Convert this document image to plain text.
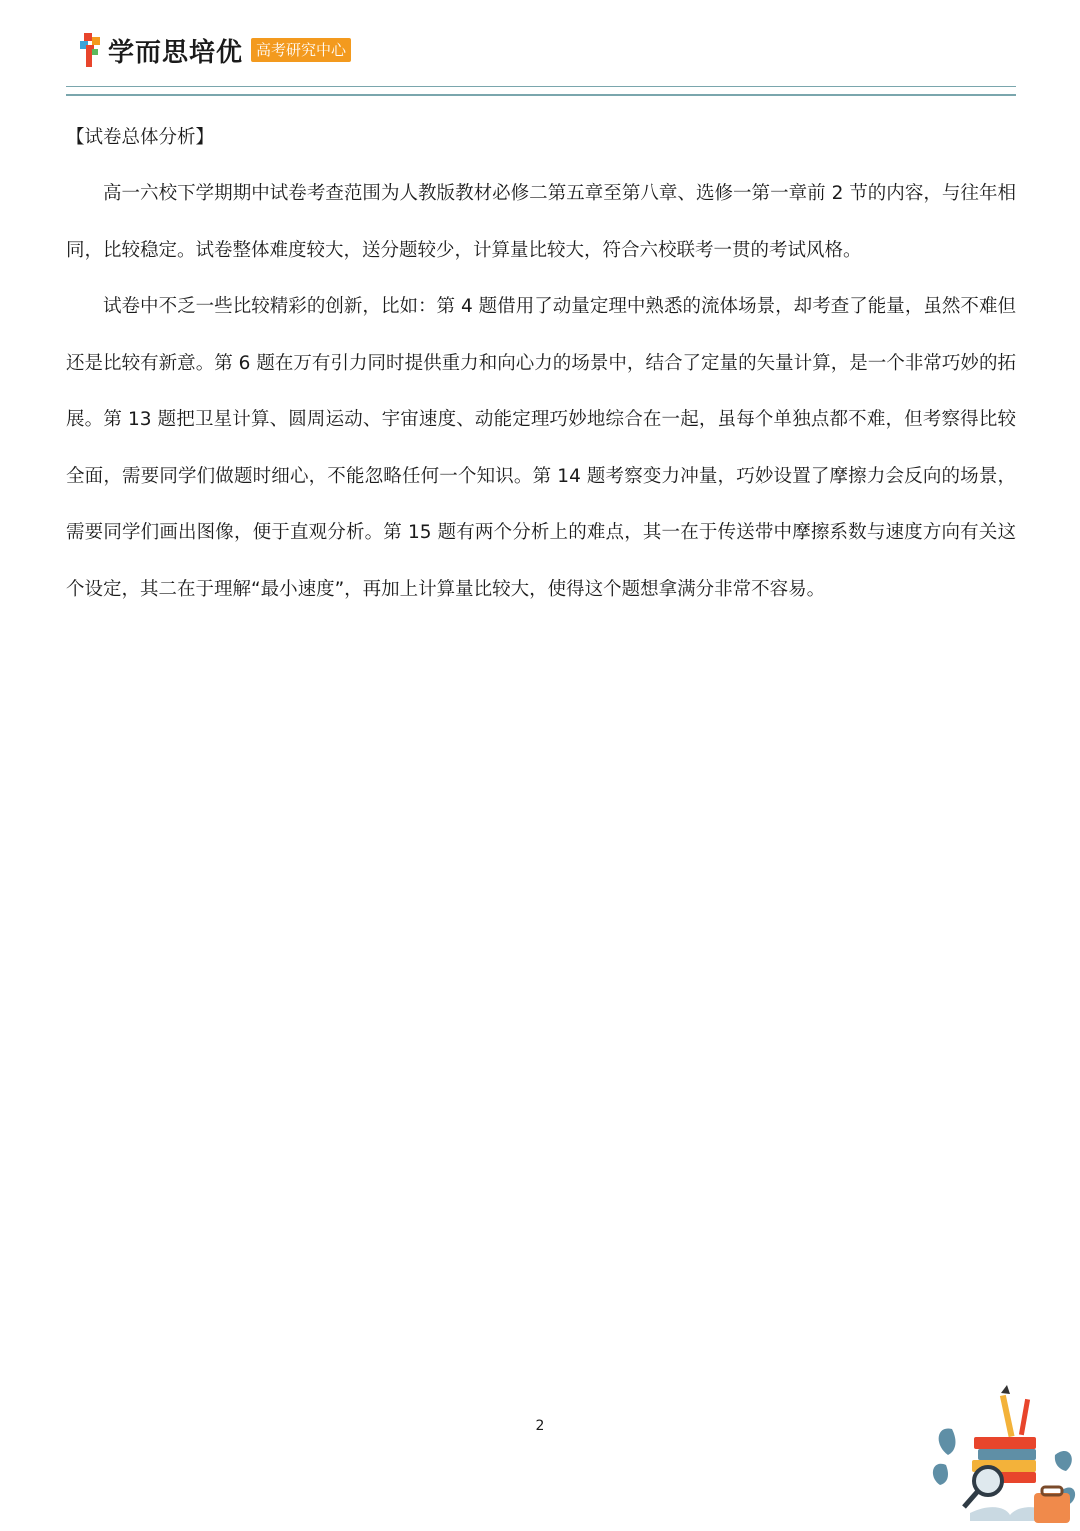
学而思培优 高考研究中心
【试卷总体分析】

高一六校下学期期中试卷考查范围为人教版教材必修二第五章至第八章、选修一第一章前 2 节的内容，与往年相同，比较稳定。试卷整体难度较大，送分题较少，计算量比较大，符合六校联考一贯的考试风格。

试卷中不乏一些比较精彩的创新，比如：第 4 题借用了动量定理中熟悉的流体场景，却考查了能量，虽然不难但还是比较有新意。第 6 题在万有引力同时提供重力和向心力的场景中，结合了定量的矢量计算，是一个非常巧妙的拓展。第 13 题把卫星计算、圆周运动、宇宙速度、动能定理巧妙地综合在一起，虽每个单独点都不难，但考察得比较全面，需要同学们做题时细心，不能忽略任何一个知识。第 14 题考察变力冲量，巧妙设置了摩擦力会反向的场景，需要同学们画出图像，便于直观分析。第 15 题有两个分析上的难点，其一在于传送带中摩擦系数与速度方向有关这个设定，其二在于理解“最小速度”，再加上计算量比较大，使得这个题想拿满分非常不容易。

2
